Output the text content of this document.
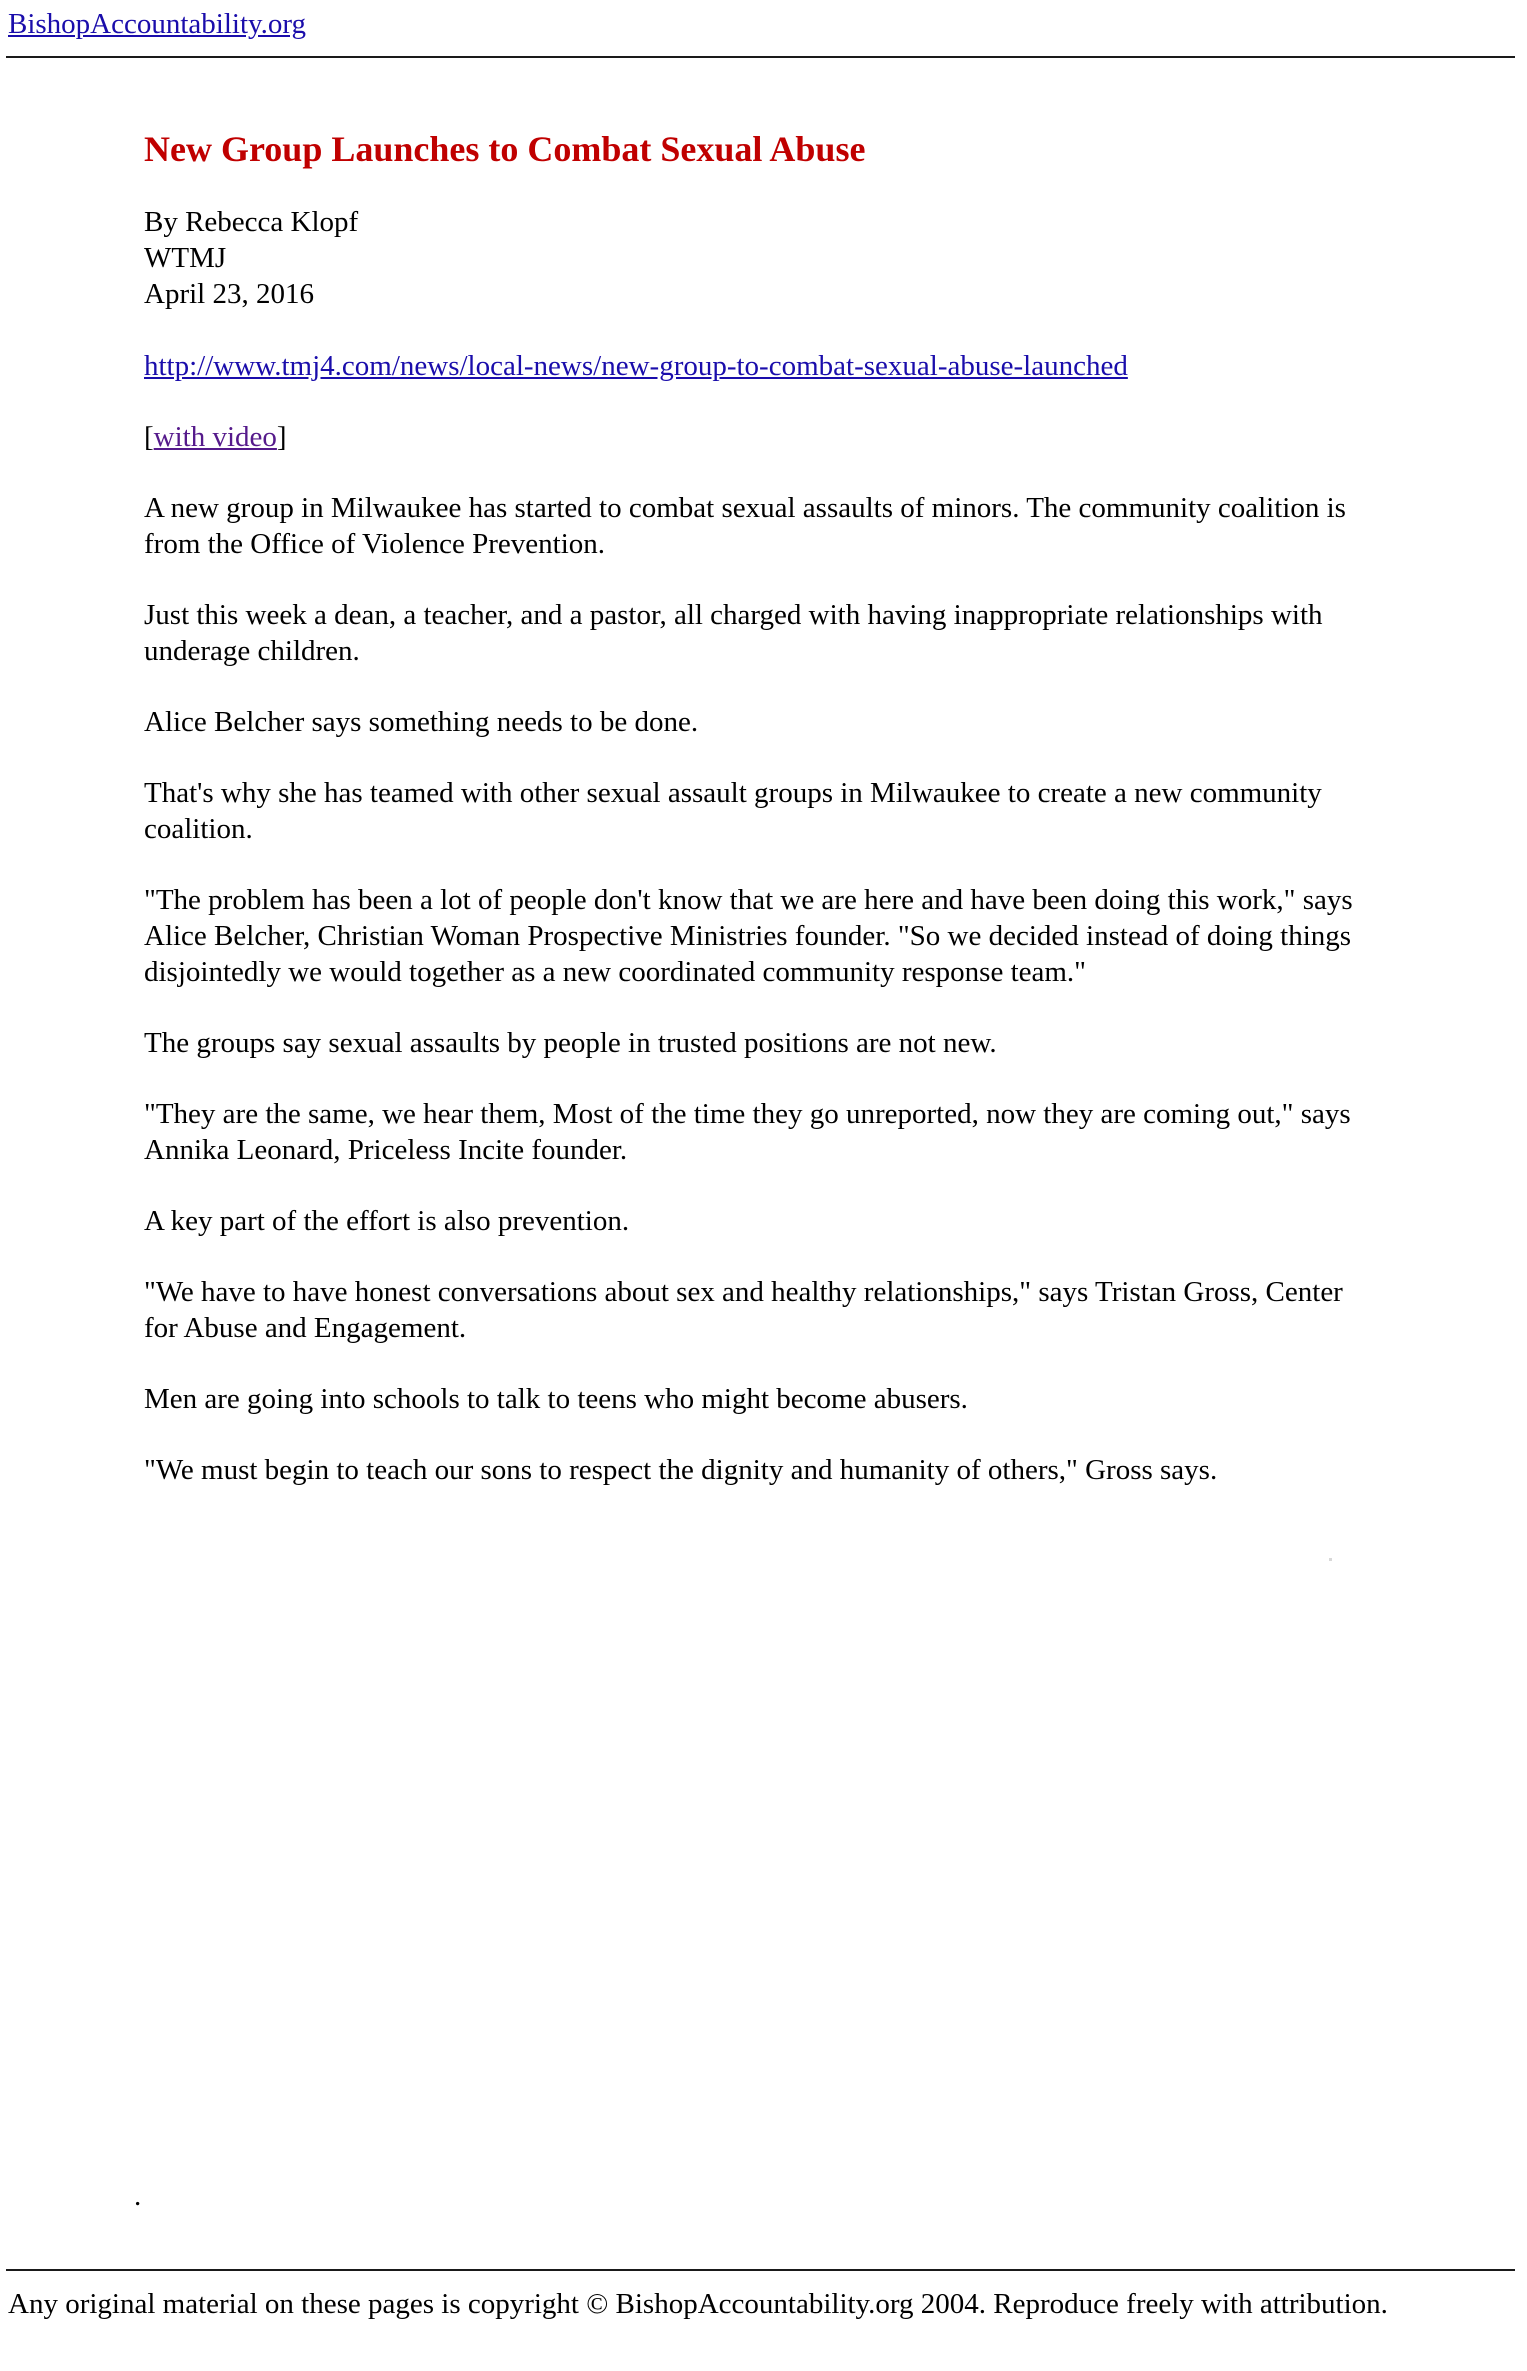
BishopAccountability.org
New Group Launches to Combat Sexual Abuse
By Rebecca Klopf
WTMJ
April 23, 2016

http://www.tmj4.com/news/local-news/new-group-to-combat-sexual-abuse-launched

[with video]

A new group in Milwaukee has started to combat sexual assaults of minors. The community coalition is from the Office of Violence Prevention.

Just this week a dean, a teacher, and a pastor, all charged with having inappropriate relationships with underage children.

Alice Belcher says something needs to be done.

That's why she has teamed with other sexual assault groups in Milwaukee to create a new community coalition.

"The problem has been a lot of people don't know that we are here and have been doing this work," says Alice Belcher, Christian Woman Prospective Ministries founder. "So we decided instead of doing things disjointedly we would together as a new coordinated community response team."

The groups say sexual assaults by people in trusted positions are not new.

"They are the same, we hear them, Most of the time they go unreported, now they are coming out," says Annika Leonard, Priceless Incite founder.

A key part of the effort is also prevention.

"We have to have honest conversations about sex and healthy relationships," says Tristan Gross, Center for Abuse and Engagement.

Men are going into schools to talk to teens who might become abusers.

"We must begin to teach our sons to respect the dignity and humanity of others," Gross says.

.
Any original material on these pages is copyright © BishopAccountability.org 2004. Reproduce freely with attribution.
